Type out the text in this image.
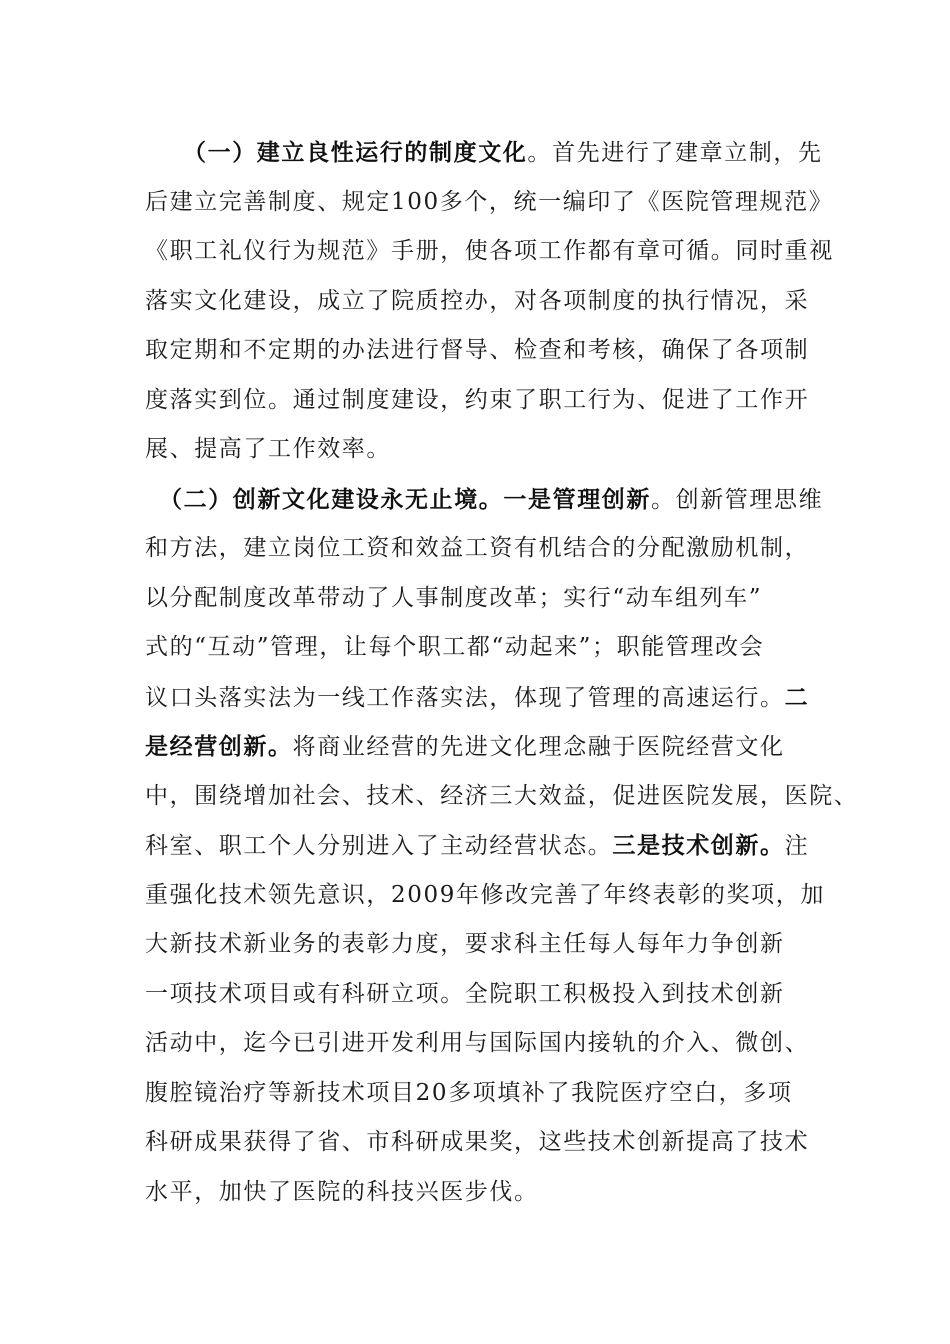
（一）建立良性运行的制度文化。首先进行了建章立制，先
后建立完善制度、规定100多个，统一编印了《医院管理规范》
《职工礼仪行为规范》手册，使各项工作都有章可循。同时重视
落实文化建设，成立了院质控办，对各项制度的执行情况，采
取定期和不定期的办法进行督导、检查和考核，确保了各项制
度落实到位。通过制度建设，约束了职工行为、促进了工作开
展、提高了工作效率。
（二）创新文化建设永无止境。一是管理创新。创新管理思维
和方法，建立岗位工资和效益工资有机结合的分配激励机制，
以分配制度改革带动了人事制度改革；实行“动车组列车”
式的“互动”管理，让每个职工都“动起来”；职能管理改会
议口头落实法为一线工作落实法，体现了管理的高速运行。二
是经营创新。将商业经营的先进文化理念融于医院经营文化
中，围绕增加社会、技术、经济三大效益，促进医院发展，医院、
科室、职工个人分别进入了主动经营状态。三是技术创新。注
重强化技术领先意识，2009年修改完善了年终表彰的奖项，加
大新技术新业务的表彰力度，要求科主任每人每年力争创新
一项技术项目或有科研立项。全院职工积极投入到技术创新
活动中，迄今已引进开发利用与国际国内接轨的介入、微创、
腹腔镜治疗等新技术项目20多项填补了我院医疗空白，多项
科研成果获得了省、市科研成果奖，这些技术创新提高了技术
水平，加快了医院的科技兴医步伐。
